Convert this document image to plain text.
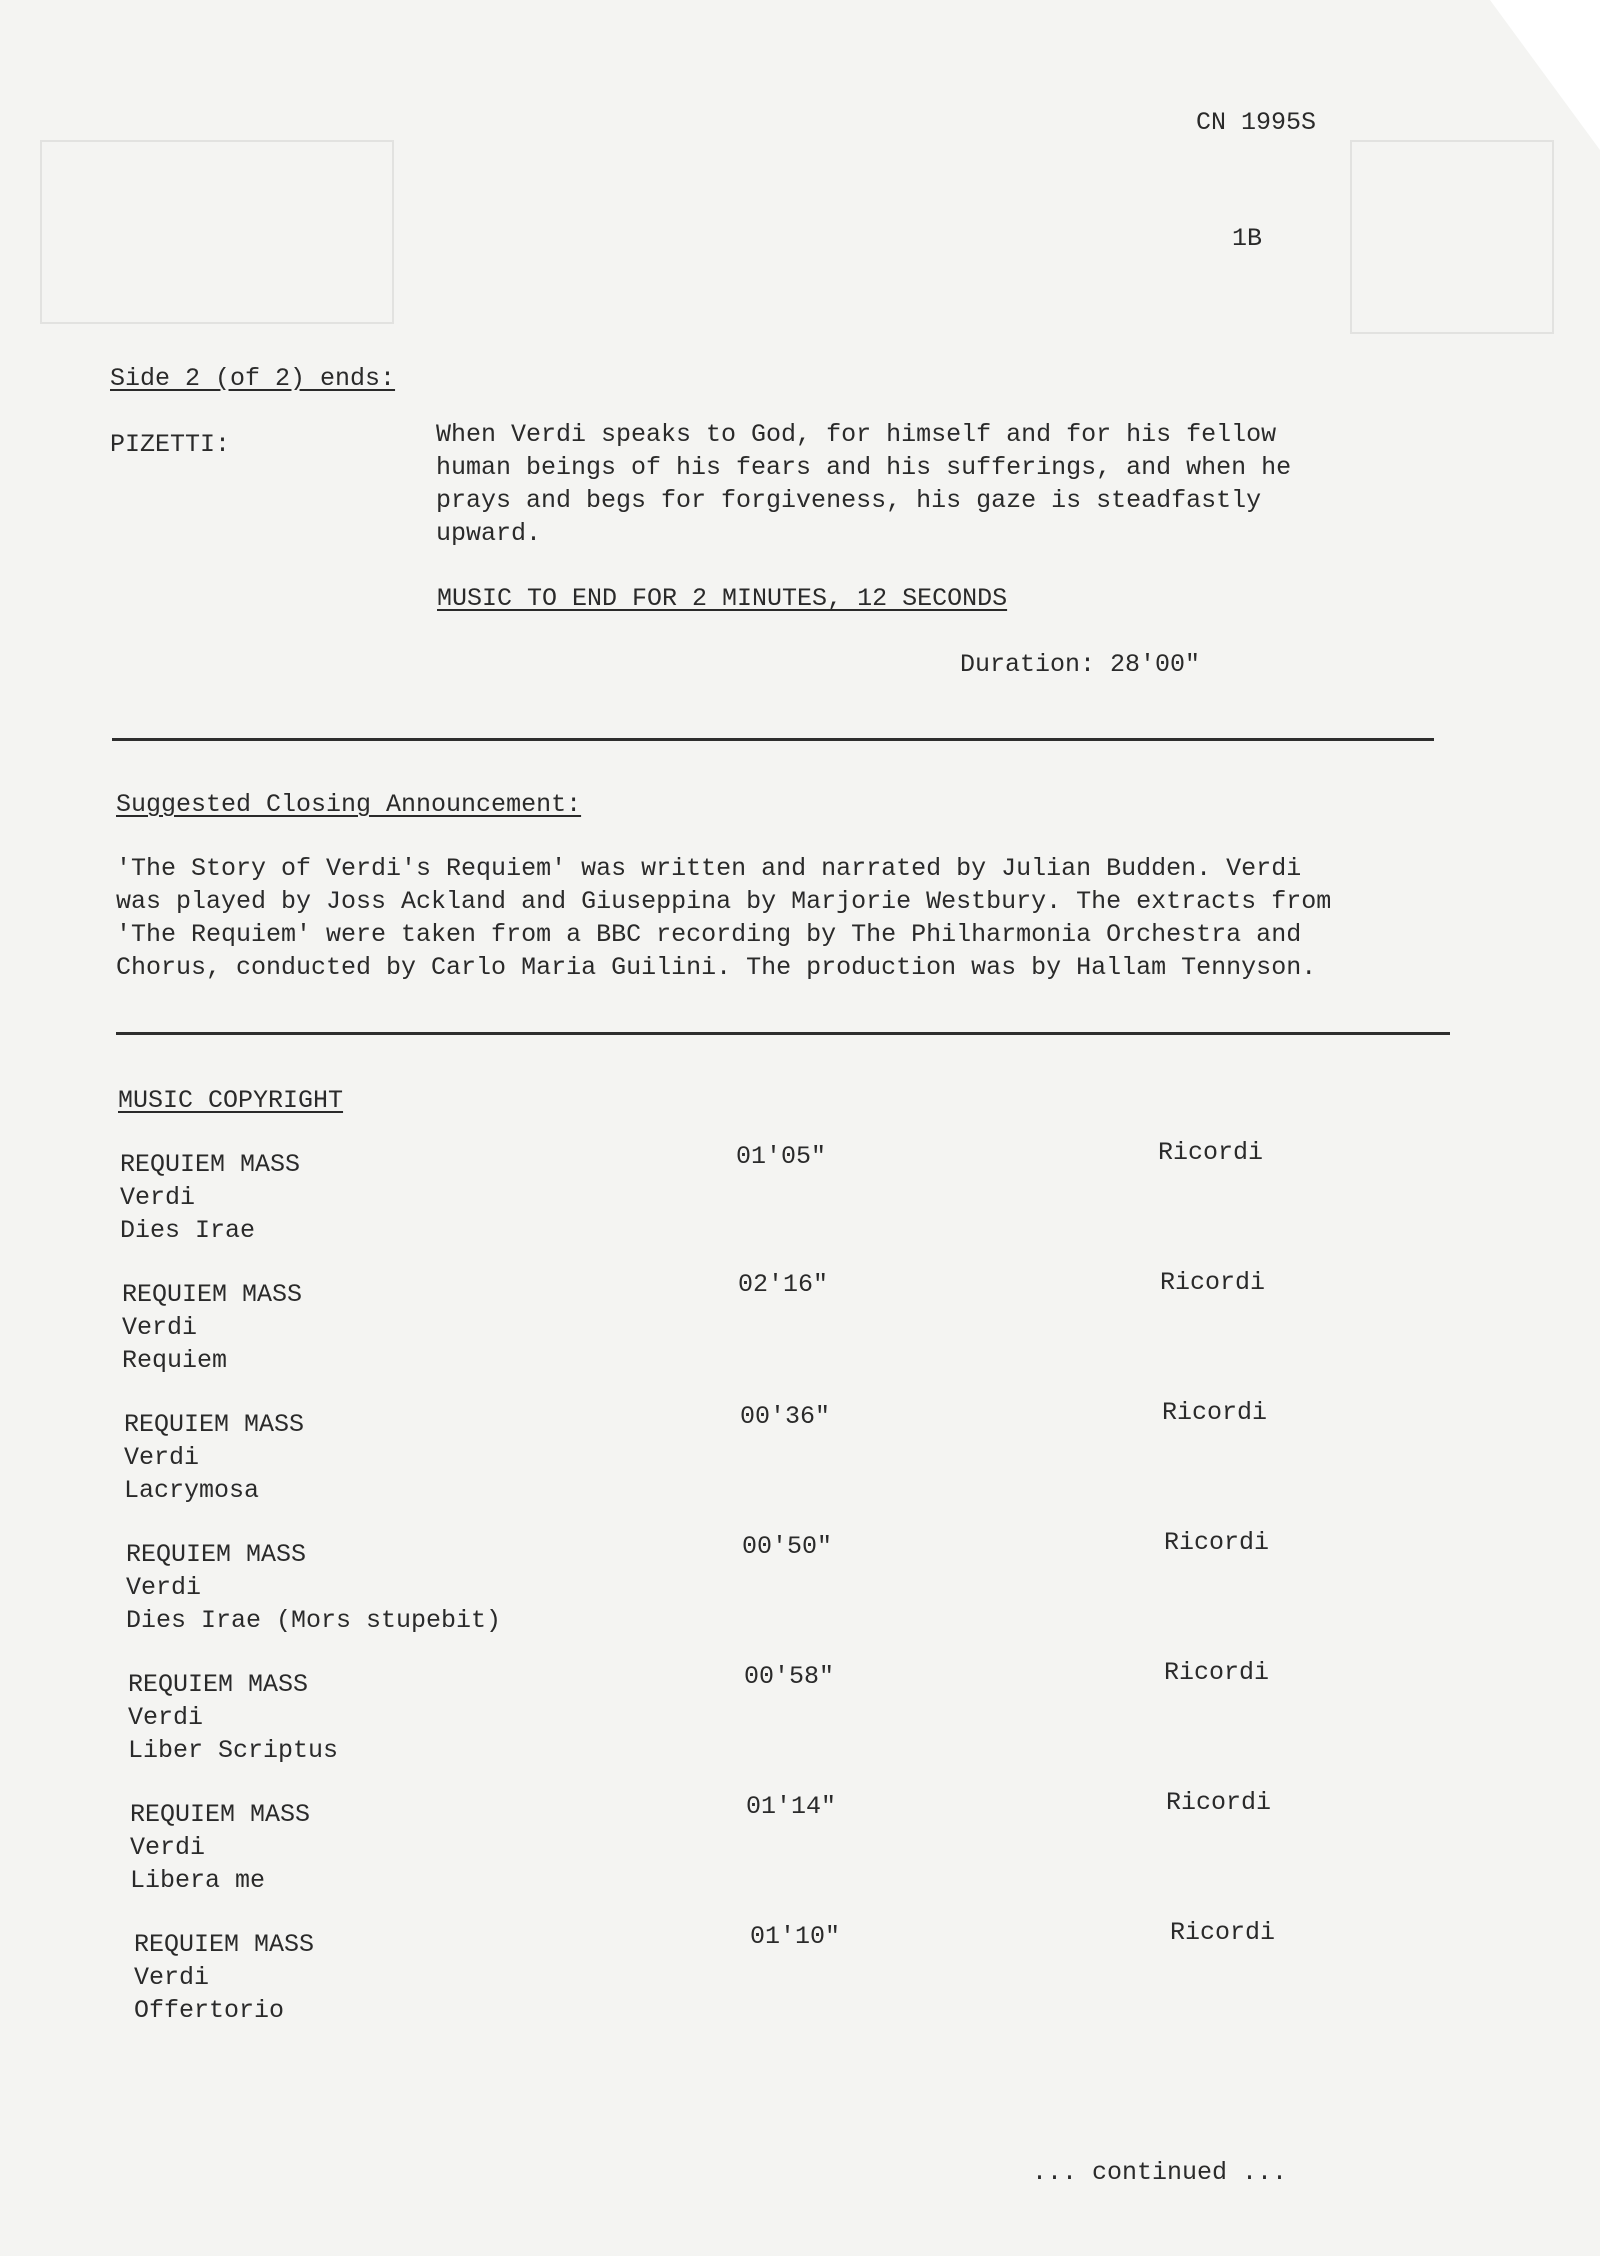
CN 1995S
1B
Side 2 (of 2) ends:
PIZETTI:	When Verdi speaks to God, for himself and for his fellow
human beings of his fears and his sufferings, and when he
prays and begs for forgiveness, his gaze is steadfastly
upward.
MUSIC TO END FOR 2 MINUTES, 12 SECONDS
Duration: 28'00"
Suggested Closing Announcement:
'The Story of Verdi's Requiem' was written and narrated by Julian Budden. Verdi
was played by Joss Ackland and Giuseppina by Marjorie Westbury. The extracts from
'The Requiem' were taken from a BBC recording by The Philharmonia Orchestra and
Chorus, conducted by Carlo Maria Guilini. The production was by Hallam Tennyson.
MUSIC COPYRIGHT
REQUIEM MASS
Verdi
Dies Irae
01'05"	Ricordi
REQUIEM MASS
Verdi
Requiem
02'16"	Ricordi
REQUIEM MASS
Verdi
Lacrymosa
00'36"	Ricordi
REQUIEM MASS
Verdi
Dies Irae (Mors stupebit)
00'50"	Ricordi
REQUIEM MASS
Verdi
Liber Scriptus
00'58"	Ricordi
REQUIEM MASS
Verdi
Libera me
01'14"	Ricordi
REQUIEM MASS
Verdi
Offertorio
01'10"	Ricordi
... continued ...
